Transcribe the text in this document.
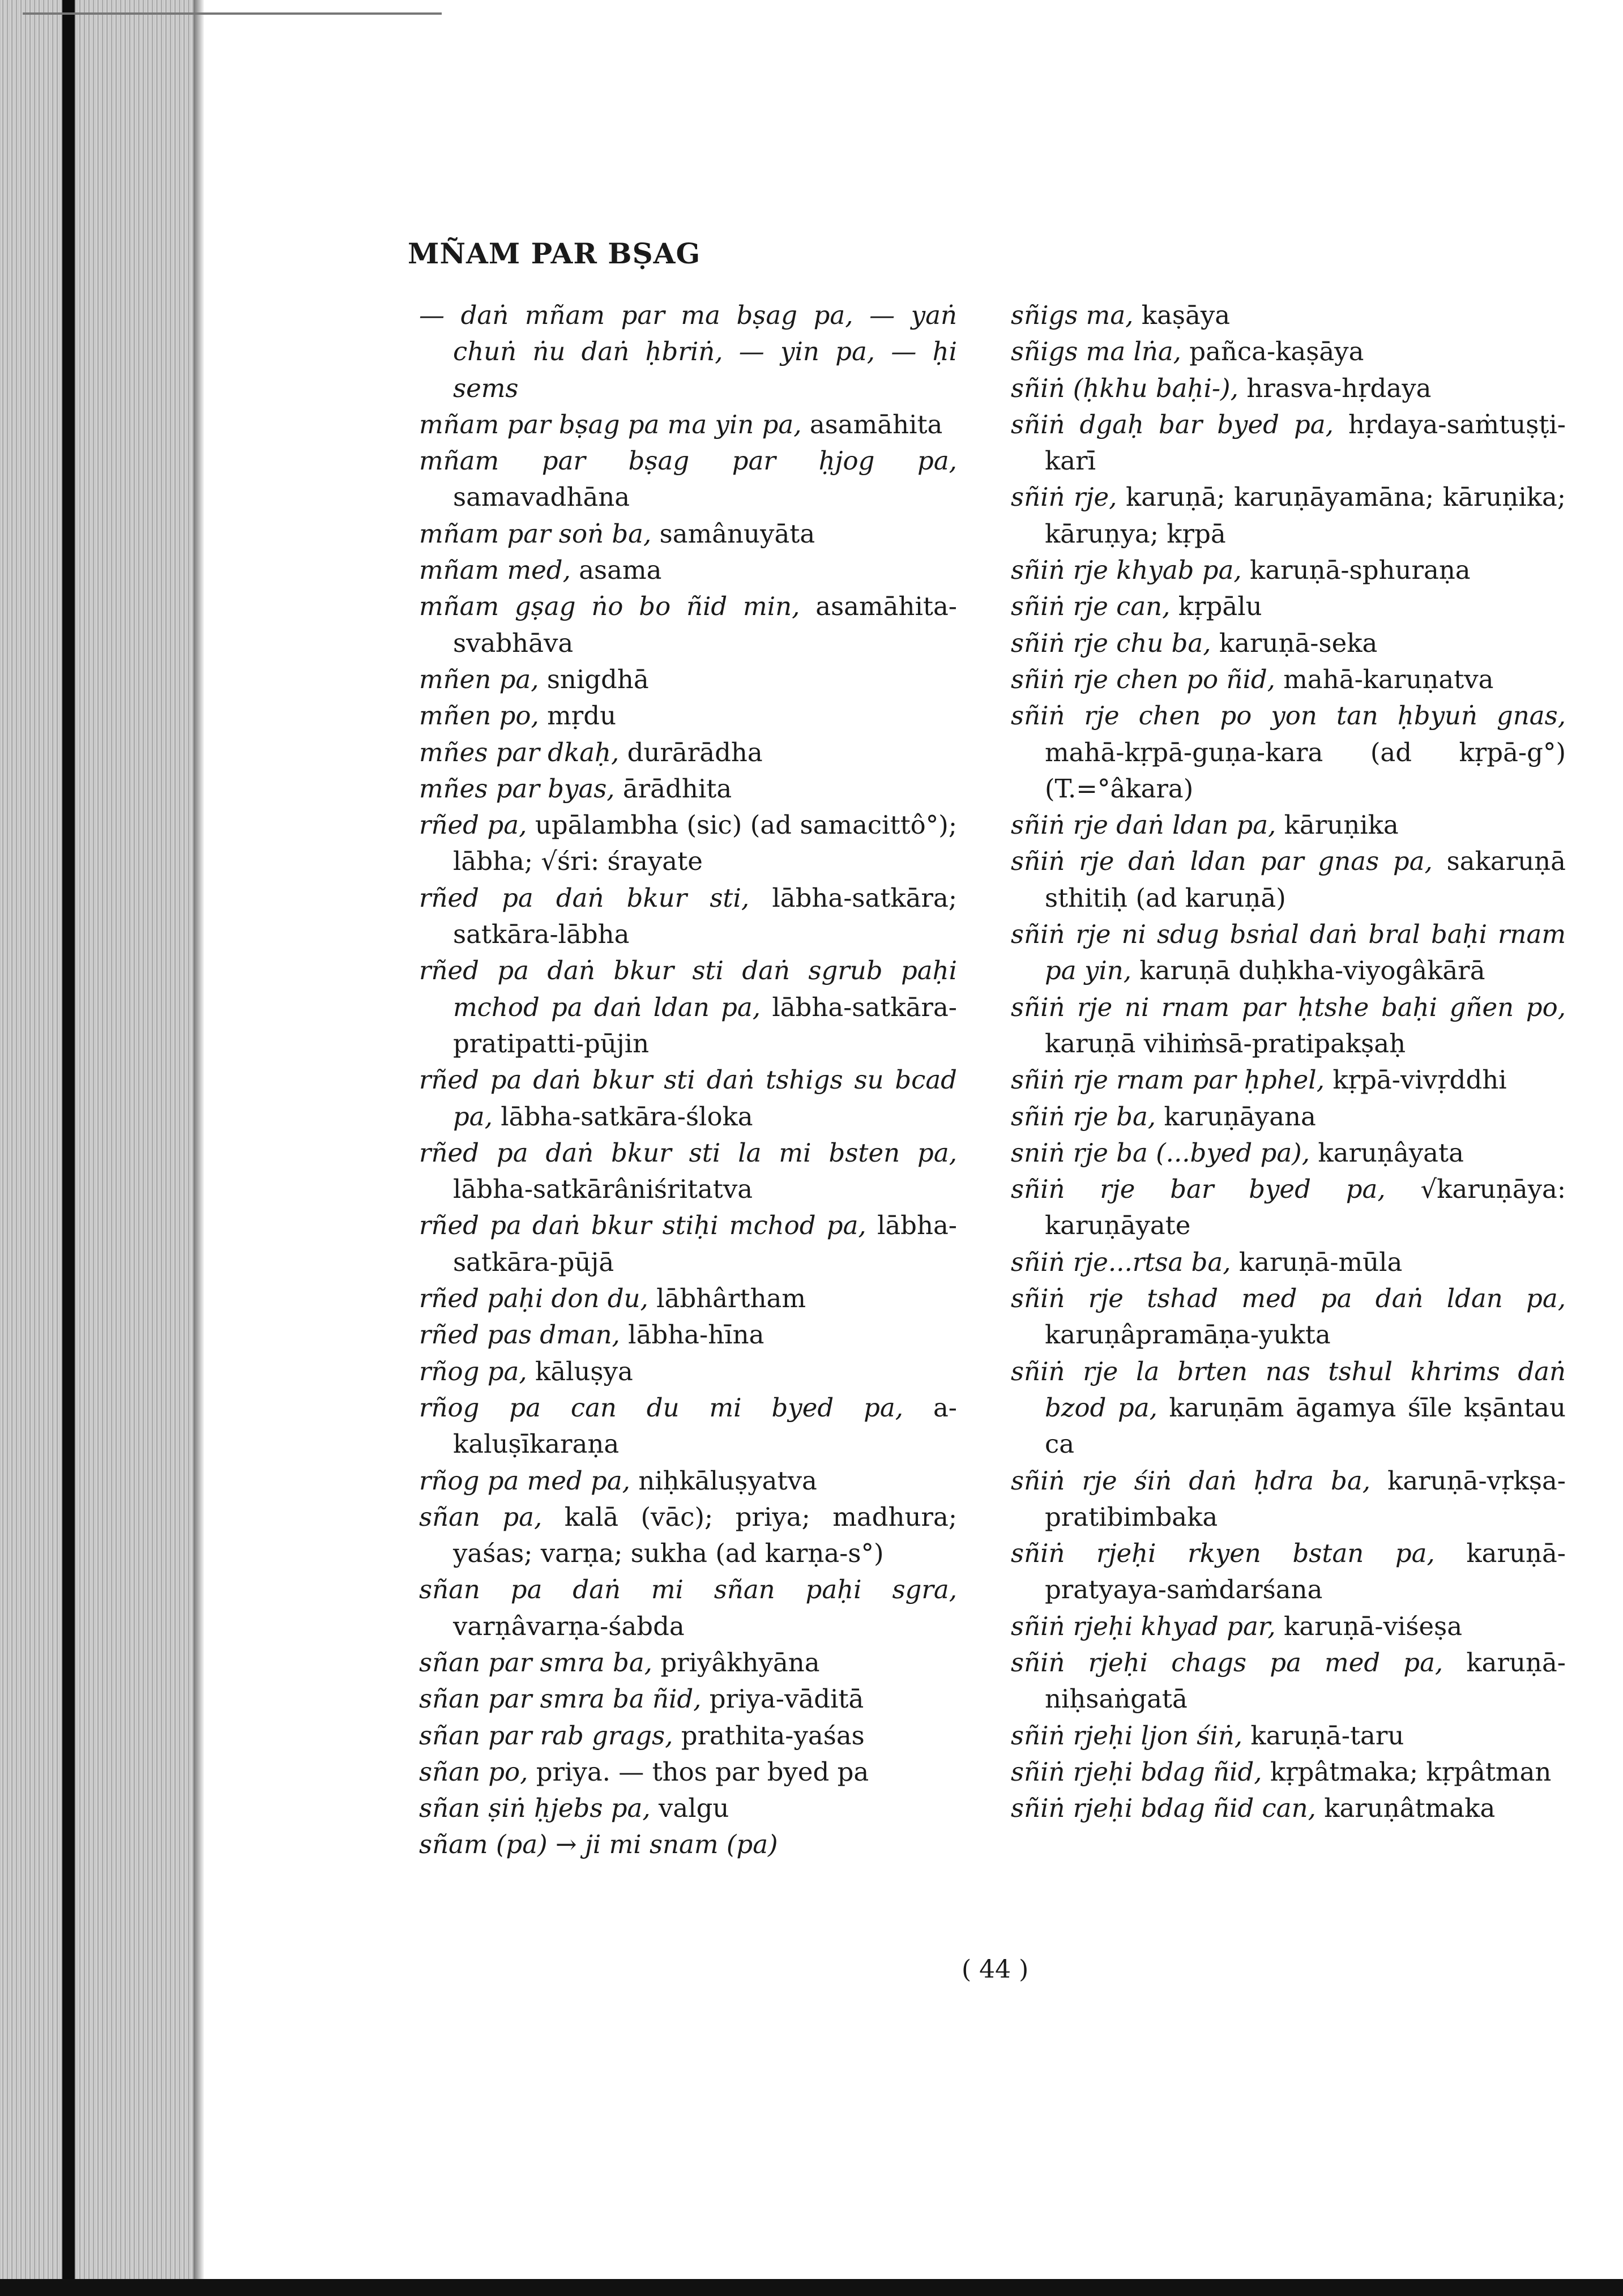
MÑAM PAR BṢAG
— daṅ mñam par ma bṣag pa, — yaṅ chuṅ ṅu daṅ ḥbriṅ, — yin pa, — ḥi sems
mñam par bṣag pa ma yin pa, asamāhita
mñam par bṣag par ḥjog pa, samavadhāna
mñam par soṅ ba, samânuyāta
mñam med, asama
mñam gṣag ṅo bo ñid min, asamāhita-svabhāva
mñen pa, snigdhā
mñen po, mṛdu
mñes par dkaḥ, durārādha
mñes par byas, ārādhita
rñed pa, upālambha (sic) (ad samacittô°); lābha; √śri: śrayate
rñed pa daṅ bkur sti, lābha-satkāra; satkāra-lābha
rñed pa daṅ bkur sti daṅ sgrub paḥi mchod pa daṅ ldan pa, lābha-satkāra-pratipatti-pūjin
rñed pa daṅ bkur sti daṅ tshigs su bcad pa, lābha-satkāra-śloka
rñed pa daṅ bkur sti la mi bsten pa, lābha-satkārâniśritatva
rñed pa daṅ bkur stiḥi mchod pa, lābha-satkāra-pūjā
rñed paḥi don du, lābhârtham
rñed pas dman, lābha-hīna
rñog pa, kāluṣya
rñog pa can du mi byed pa, a-kaluṣīkaraṇa
rñog pa med pa, niḥkāluṣyatva
sñan pa, kalā (vāc); priya; madhura; yaśas; varṇa; sukha (ad karṇa-s°)
sñan pa daṅ mi sñan paḥi sgra, varṇâvarṇa-śabda
sñan par smra ba, priyâkhyāna
sñan par smra ba ñid, priya-vāditā
sñan par rab grags, prathita-yaśas
sñan po, priya. — thos par byed pa
sñan ṣiṅ ḥjebs pa, valgu
sñam (pa) → ji mi snam (pa)
sñigs ma, kaṣāya
sñigs ma lṅa, pañca-kaṣāya
sñiṅ (ḥkhu baḥi-), hrasva-hṛdaya
sñiṅ dgaḥ bar byed pa, hṛdaya-saṁtuṣṭi-karī
sñiṅ rje, karuṇā; karuṇāyamāna; kāruṇika; kāruṇya; kṛpā
sñiṅ rje khyab pa, karuṇā-sphuraṇa
sñiṅ rje can, kṛpālu
sñiṅ rje chu ba, karuṇā-seka
sñiṅ rje chen po ñid, mahā-karuṇatva
sñiṅ rje chen po yon tan ḥbyuṅ gnas, mahā-kṛpā-guṇa-kara (ad kṛpā-g°) (T.=°âkara)
sñiṅ rje daṅ ldan pa, kāruṇika
sñiṅ rje daṅ ldan par gnas pa, sakaruṇā sthitiḥ (ad karuṇā)
sñiṅ rje ni sdug bsṅal daṅ bral baḥi rnam pa yin, karuṇā duḥkha-viyogâkārā
sñiṅ rje ni rnam par ḥtshe baḥi gñen po, karuṇā vihiṁsā-pratipakṣaḥ
sñiṅ rje rnam par ḥphel, kṛpā-vivṛddhi
sñiṅ rje ba, karuṇāyana
sniṅ rje ba (...byed pa), karuṇâyata
sñiṅ rje bar byed pa, √karuṇāya: karuṇāyate
sñiṅ rje...rtsa ba, karuṇā-mūla
sñiṅ rje tshad med pa daṅ ldan pa, karuṇâpramāṇa-yukta
sñiṅ rje la brten nas tshul khrims daṅ bzod pa, karuṇām āgamya śīle kṣāntau ca
sñiṅ rje śiṅ daṅ ḥdra ba, karuṇā-vṛkṣa-pratibimbaka
sñiṅ rjeḥi rkyen bstan pa, karuṇā-pratyaya-saṁdarśana
sñiṅ rjeḥi khyad par, karuṇā-viśeṣa
sñiṅ rjeḥi chags pa med pa, karuṇā-niḥsaṅgatā
sñiṅ rjeḥi ljon śiṅ, karuṇā-taru
sñiṅ rjeḥi bdag ñid, kṛpâtmaka; kṛpâtman
sñiṅ rjeḥi bdag ñid can, karuṇâtmaka
( 44 )
